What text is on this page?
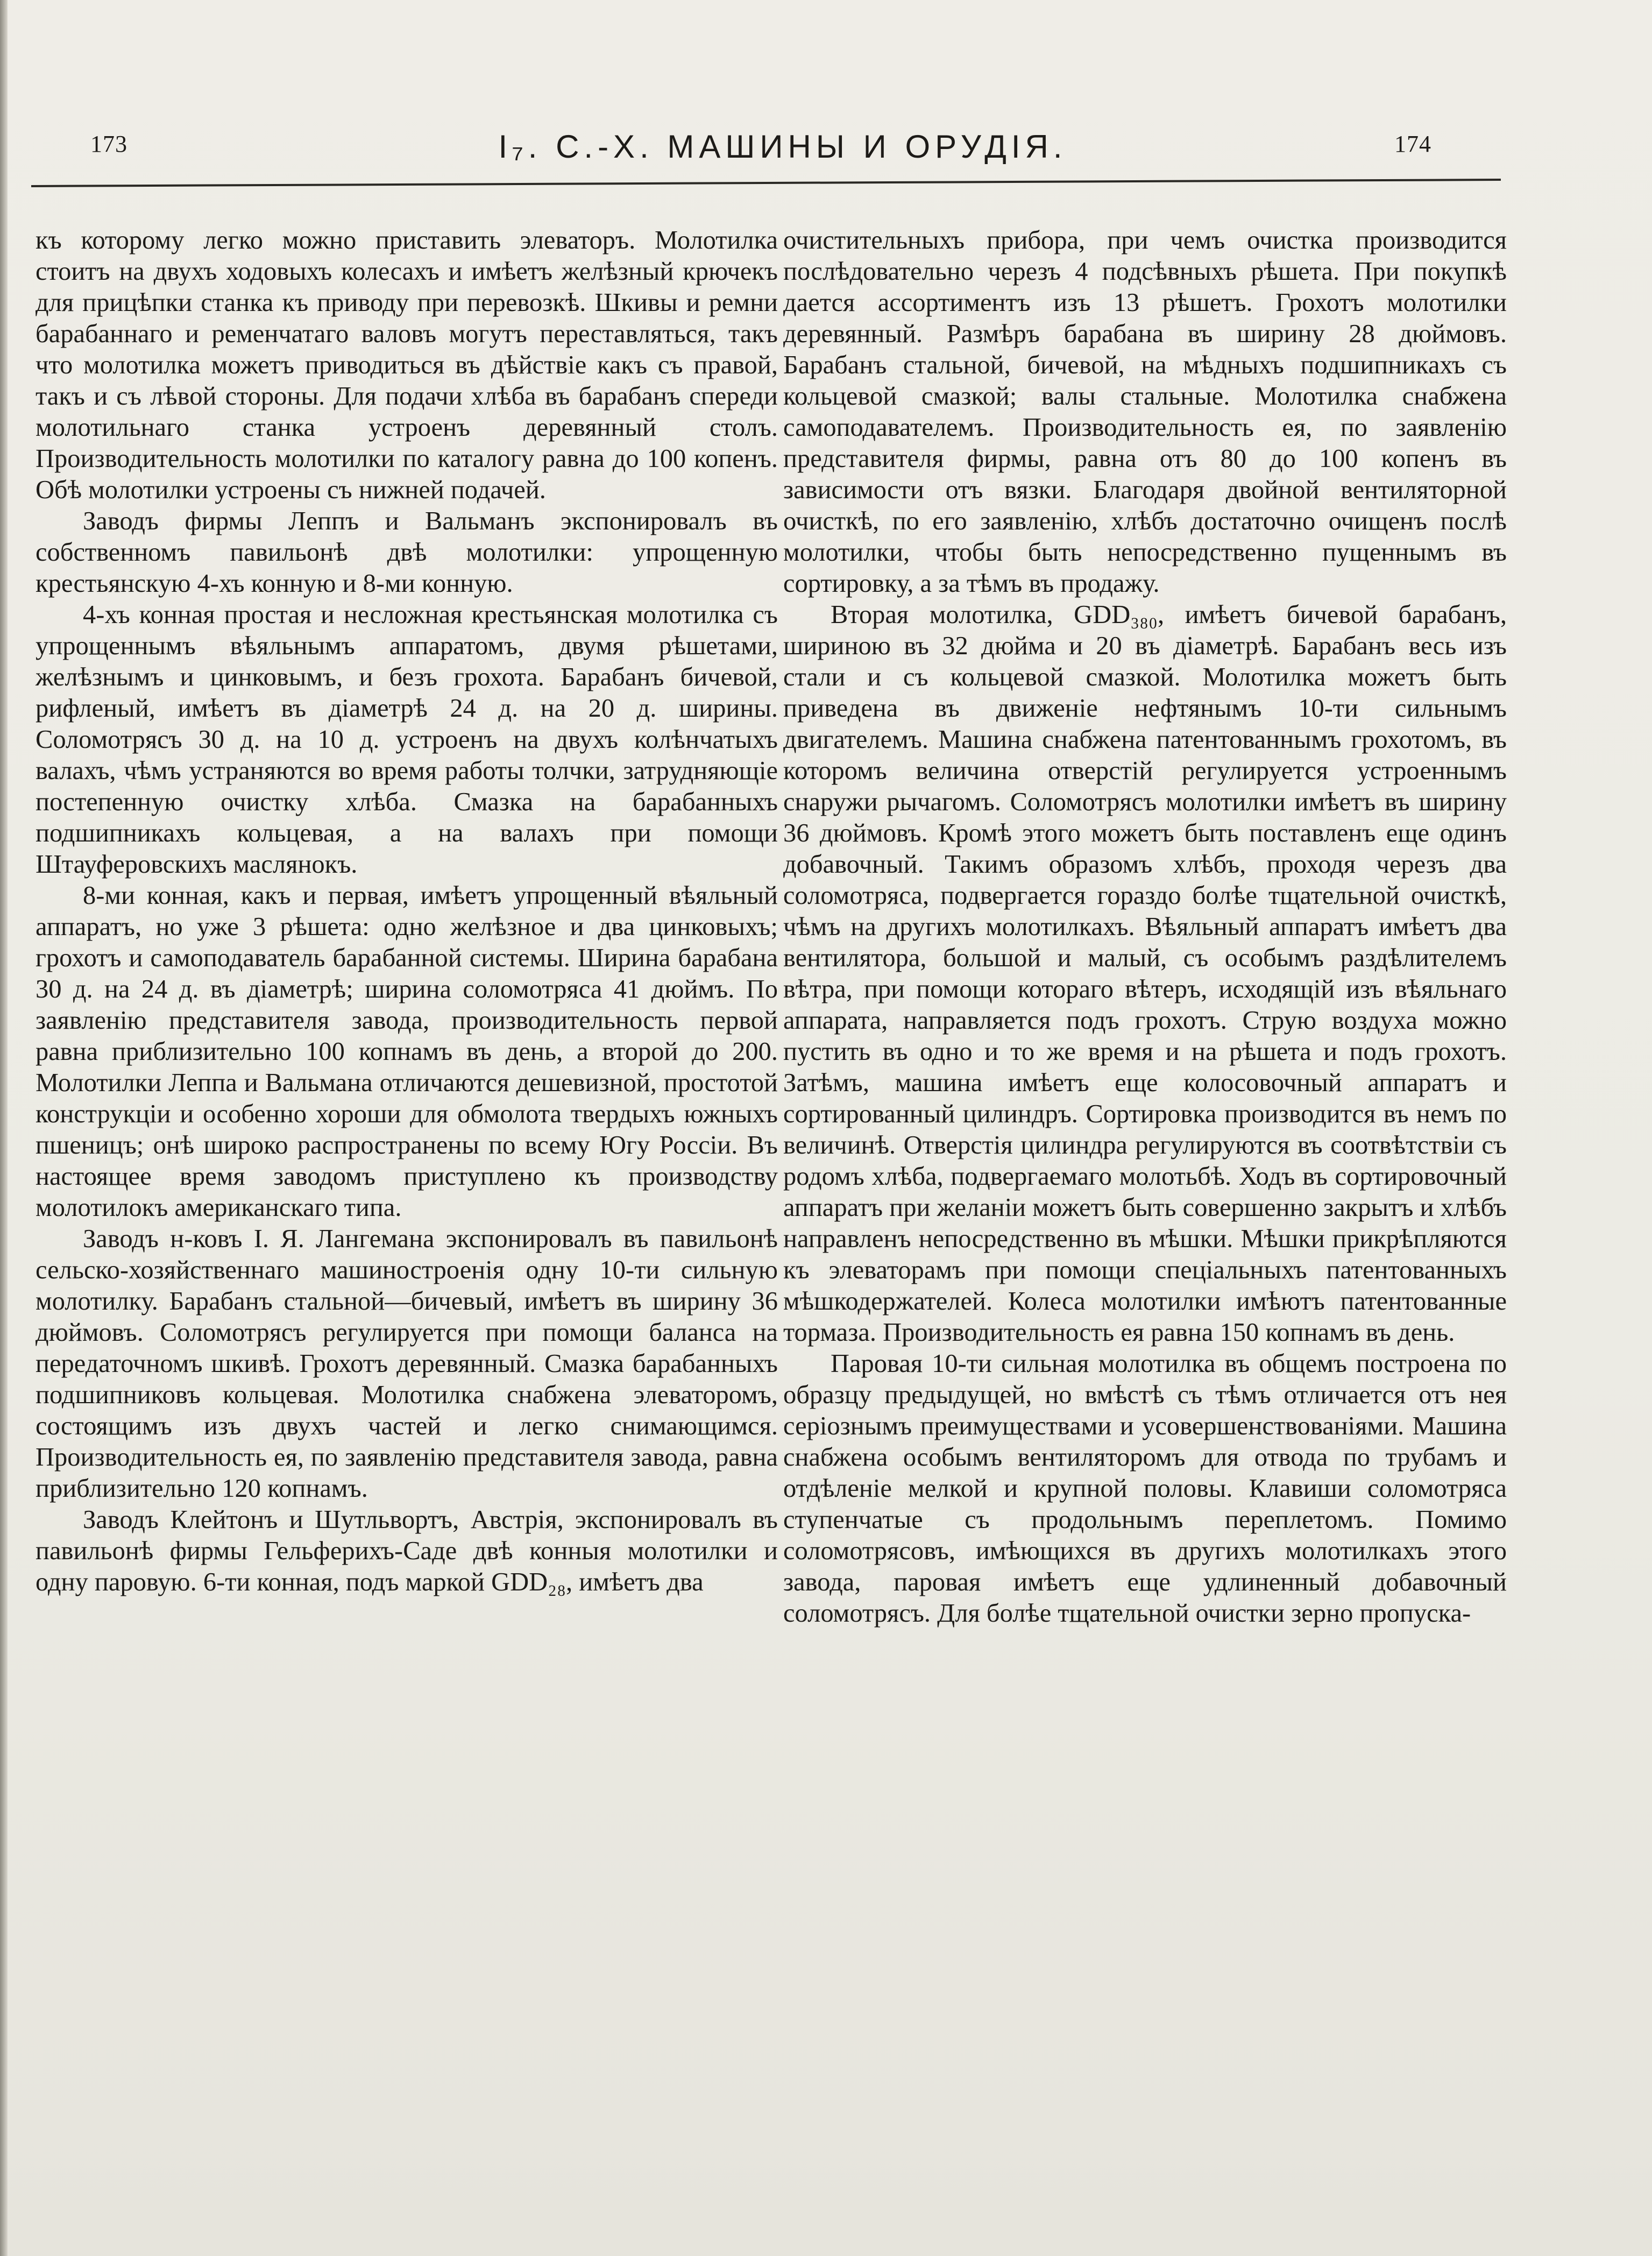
173	I₇. С.-Х. МАШИНЫ И ОРУДІЯ.	174

къ которому легко можно приставить элеваторъ. Молотилка стоитъ на двухъ ходовыхъ колесахъ и имѣетъ желѣзный крючекъ для прицѣпки станка къ приводу при перевозкѣ. Шкивы и ремни барабаннаго и ременчатаго валовъ могутъ переставляться, такъ что молотилка можетъ приводиться въ дѣйствіе какъ съ правой, такъ и съ лѣвой стороны. Для подачи хлѣба въ барабанъ спереди молотильнаго станка устроенъ деревянный столъ. Производительность молотилки по каталогу равна до 100 копенъ. Обѣ молотилки устроены съ нижней подачей.

Заводъ фирмы Леппъ и Вальманъ экспонировалъ въ собственномъ павильонѣ двѣ молотилки: упрощенную крестьянскую 4-хъ конную и 8-ми конную.

4-хъ конная простая и несложная крестьянская молотилка съ упрощеннымъ вѣяльнымъ аппаратомъ, двумя рѣшетами, желѣзнымъ и цинковымъ, и безъ грохота. Барабанъ бичевой, рифленый, имѣетъ въ діаметрѣ 24 д. на 20 д. ширины. Соломотрясъ 30 д. на 10 д. устроенъ на двухъ колѣнчатыхъ валахъ, чѣмъ устраняются во время работы толчки, затрудняющіе постепенную очистку хлѣба. Смазка на барабанныхъ подшипникахъ кольцевая, а на валахъ при помощи Штауферовскихъ маслянокъ.

8-ми конная, какъ и первая, имѣетъ упрощенный вѣяльный аппаратъ, но уже 3 рѣшета: одно желѣзное и два цинковыхъ; грохотъ и самоподаватель барабанной системы. Ширина барабана 30 д. на 24 д. въ діаметрѣ; ширина соломотряса 41 дюймъ. По заявленію представителя завода, производительность первой равна приблизительно 100 копнамъ въ день, а второй до 200. Молотилки Леппа и Вальмана отличаются дешевизной, простотой конструкціи и особенно хороши для обмолота твердыхъ южныхъ пшеницъ; онѣ широко распространены по всему Югу Россіи. Въ настоящее время заводомъ приступлено къ производству молотилокъ американскаго типа.

Заводъ н-ковъ І. Я. Лангемана экспонировалъ въ павильонѣ сельско-хозяйственнаго машиностроенія одну 10-ти сильную молотилку. Барабанъ стальной—бичевый, имѣетъ въ ширину 36 дюймовъ. Соломотрясъ регулируется при помощи баланса на передаточномъ шкивѣ. Грохотъ деревянный. Смазка барабанныхъ подшипниковъ кольцевая. Молотилка снабжена элеваторомъ, состоящимъ изъ двухъ частей и легко снимающимся. Производительность ея, по заявленію представителя завода, равна приблизительно 120 копнамъ.

Заводъ Клейтонъ и Шутльвортъ, Австрія, экспонировалъ въ павильонѣ фирмы Гельферихъ-Саде двѣ конныя молотилки и одну паровую. 6-ти конная, подъ маркой GDD₂₈, имѣетъ два

очистительныхъ прибора, при чемъ очистка производится послѣдовательно черезъ 4 подсѣвныхъ рѣшета. При покупкѣ дается ассортиментъ изъ 13 рѣшетъ. Грохотъ молотилки деревянный. Размѣръ барабана въ ширину 28 дюймовъ. Барабанъ стальной, бичевой, на мѣдныхъ подшипникахъ съ кольцевой смазкой; валы стальные. Молотилка снабжена самоподавателемъ. Производительность ея, по заявленію представителя фирмы, равна отъ 80 до 100 копенъ въ зависимости отъ вязки. Благодаря двойной вентиляторной очисткѣ, по его заявленію, хлѣбъ достаточно очищенъ послѣ молотилки, чтобы быть непосредственно пущеннымъ въ сортировку, а за тѣмъ въ продажу.

Вторая молотилка, GDD₃₈₀, имѣетъ бичевой барабанъ, шириною въ 32 дюйма и 20 въ діаметрѣ. Барабанъ весь изъ стали и съ кольцевой смазкой. Молотилка можетъ быть приведена въ движеніе нефтянымъ 10-ти сильнымъ двигателемъ. Машина снабжена патентованнымъ грохотомъ, въ которомъ величина отверстій регулируется устроеннымъ снаружи рычагомъ. Соломотрясъ молотилки имѣетъ въ ширину 36 дюймовъ. Кромѣ этого можетъ быть поставленъ еще одинъ добавочный. Такимъ образомъ хлѣбъ, проходя черезъ два соломотряса, подвергается гораздо болѣе тщательной очисткѣ, чѣмъ на другихъ молотилкахъ. Вѣяльный аппаратъ имѣетъ два вентилятора, большой и малый, съ особымъ раздѣлителемъ вѣтра, при помощи котораго вѣтеръ, исходящій изъ вѣяльнаго аппарата, направляется подъ грохотъ. Струю воздуха можно пустить въ одно и то же время и на рѣшета и подъ грохотъ. Затѣмъ, машина имѣетъ еще колосовочный аппаратъ и сортированный цилиндръ. Сортировка производится въ немъ по величинѣ. Отверстія цилиндра регулируются въ соотвѣтствіи съ родомъ хлѣба, подвергаемаго молотьбѣ. Ходъ въ сортировочный аппаратъ при желаніи можетъ быть совершенно закрытъ и хлѣбъ направленъ непосредственно въ мѣшки. Мѣшки прикрѣпляются къ элеваторамъ при помощи спеціальныхъ патентованныхъ мѣшкодержателей. Колеса молотилки имѣютъ патентованные тормаза. Производительность ея равна 150 копнамъ въ день.

Паровая 10-ти сильная молотилка въ общемъ построена по образцу предыдущей, но вмѣстѣ съ тѣмъ отличается отъ нея серіознымъ преимуществами и усовершенствованіями. Машина снабжена особымъ вентиляторомъ для отвода по трубамъ и отдѣленіе мелкой и крупной половы. Клавиши соломотряса ступенчатые съ продольнымъ переплетомъ. Помимо соломотрясовъ, имѣющихся въ другихъ молотилкахъ этого завода, паровая имѣетъ еще удлиненный добавочный соломотрясъ. Для болѣе тщательной очистки зерно пропуска-
